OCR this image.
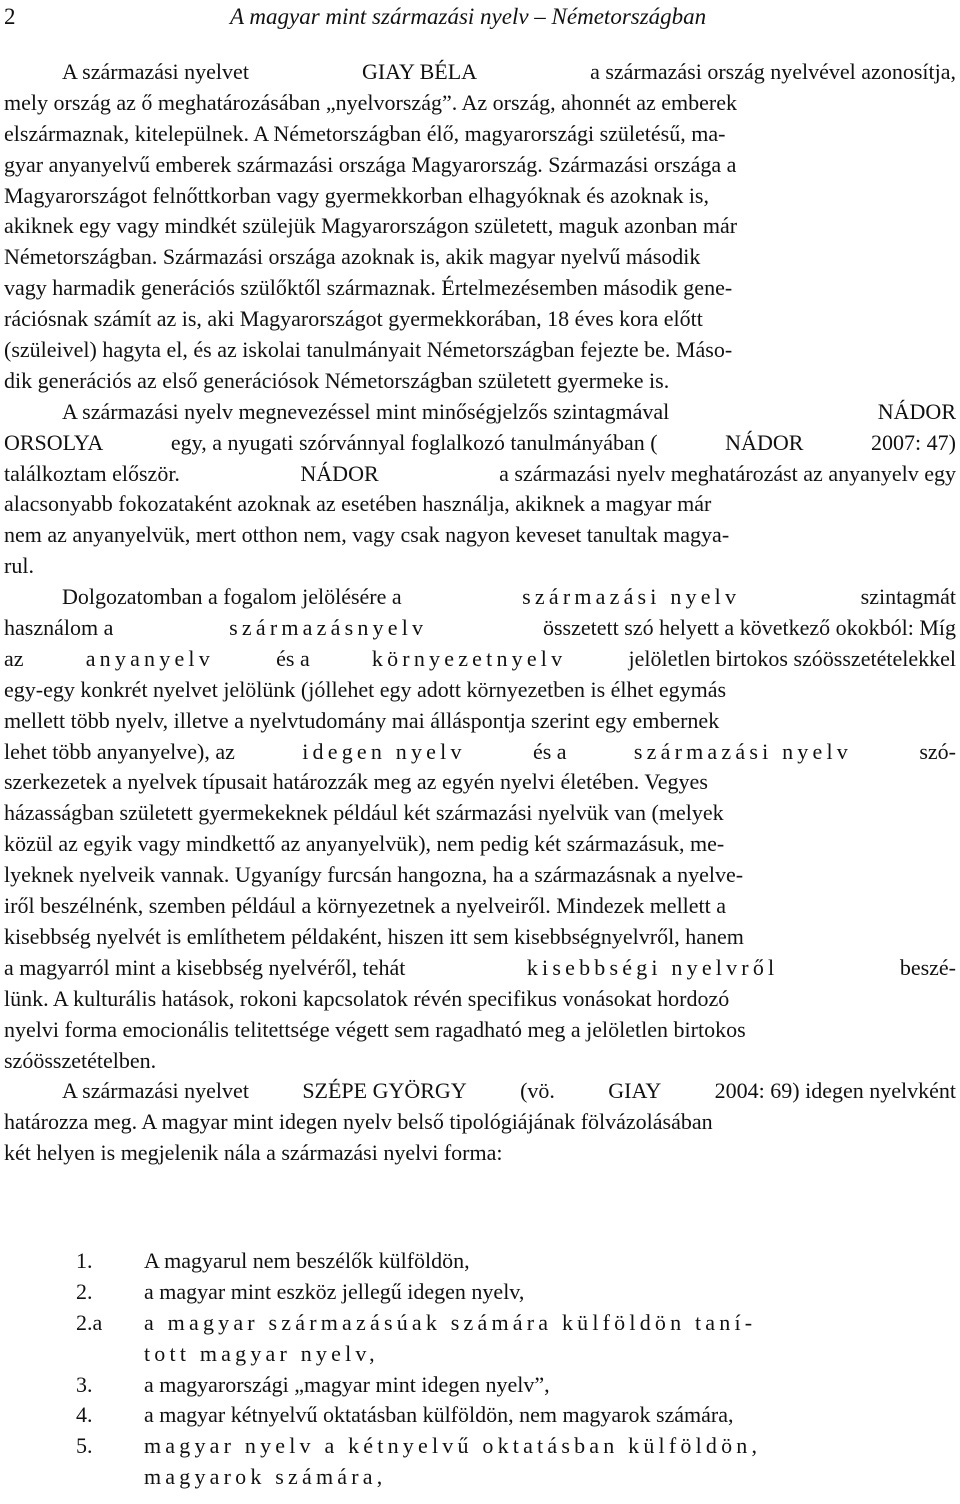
2	A magyar mint származási nyelv – Németországban
A származási nyelvet	GIAY BÉLA	a származási ország nyelvével azonosítja,
mely ország az ő meghatározásában „nyelvország”. Az ország, ahonnét az emberek
elszármaznak, kitelepülnek. A Németországban élő, magyarországi születésű, ma-
gyar anyanyelvű emberek származási országa Magyarország. Származási országa a
Magyarországot felnőttkorban vagy gyermekkorban elhagyóknak és azoknak is,
akiknek egy vagy mindkét szülejük Magyarországon született, maguk azonban már
Németországban. Származási országa azoknak is, akik magyar nyelvű második
vagy harmadik generációs szülőktől származnak. Értelmezésemben második gene-
rációsnak számít az is, aki Magyarországot gyermekkorában, 18 éves kora előtt
(szüleivel) hagyta el, és az iskolai tanulmányait Németországban fejezte be. Máso-
dik generációs az első generációsok Németországban született gyermeke is.
A származási nyelv megnevezéssel mint minőségjelzős szintagmával	NÁDOR
ORSOLYA	egy, a nyugati szórvánnyal foglalkozó tanulmányában (	NÁDOR	2007: 47)
találkoztam először.	NÁDOR	a származási nyelv meghatározást az anyanyelv egy
alacsonyabb fokozataként azoknak az esetében használja, akiknek a magyar már
nem az anyanyelvük, mert otthon nem, vagy csak nagyon keveset tanultak magya-
rul.
Dolgozatomban a fogalom jelölésére a	származási nyelv	szintagmát
használom a	származásnyelv	összetett szó helyett a következő okokból: Míg
az	anyanyelv	és a	környezetnyelv	jelöletlen birtokos szóösszetételekkel
egy-egy konkrét nyelvet jelölünk (jóllehet egy adott környezetben is élhet egymás
mellett több nyelv, illetve a nyelvtudomány mai álláspontja szerint egy embernek
lehet több anyanyelve), az	idegen nyelv	és a	származási nyelv	szó-
szerkezetek a nyelvek típusait határozzák meg az egyén nyelvi életében. Vegyes
házasságban született gyermekeknek például két származási nyelvük van (melyek
közül az egyik vagy mindkettő az anyanyelvük), nem pedig két származásuk, me-
lyeknek nyelveik vannak. Ugyanígy furcsán hangozna, ha a származásnak a nyelve-
iről beszélnénk, szemben például a környezetnek a nyelveiről. Mindezek mellett a
kisebbség nyelvét is említhetem példaként, hiszen itt sem kisebbségnyelvről, hanem
a magyarról mint a kisebbség nyelvéről, tehát	kisebbségi nyelvről	beszé-
lünk. A kulturális hatások, rokoni kapcsolatok révén specifikus vonásokat hordozó
nyelvi forma emocionális telitettsége végett sem ragadható meg a jelöletlen birtokos
szóösszetételben.
A származási nyelvet SZÉPE GYÖRGY (vö. GIAY 2004: 69) idegen nyelvként
határozza meg. A magyar mint idegen nyelv belső tipológiájának fölvázolásában
két helyen is megjelenik nála a származási nyelvi forma:
1.	A magyarul nem beszélők külföldön,
2.	a magyar mint eszköz jellegű idegen nyelv,
2.a	a magyar származásúak számára külföldön taní-
tott magyar nyelv,
3.	a magyarországi „magyar mint idegen nyelv”,
4.	a magyar kétnyelvű oktatásban külföldön, nem magyarok számára,
5.	magyar nyelv a kétnyelvű oktatásban külföldön,
magyarok számára,
